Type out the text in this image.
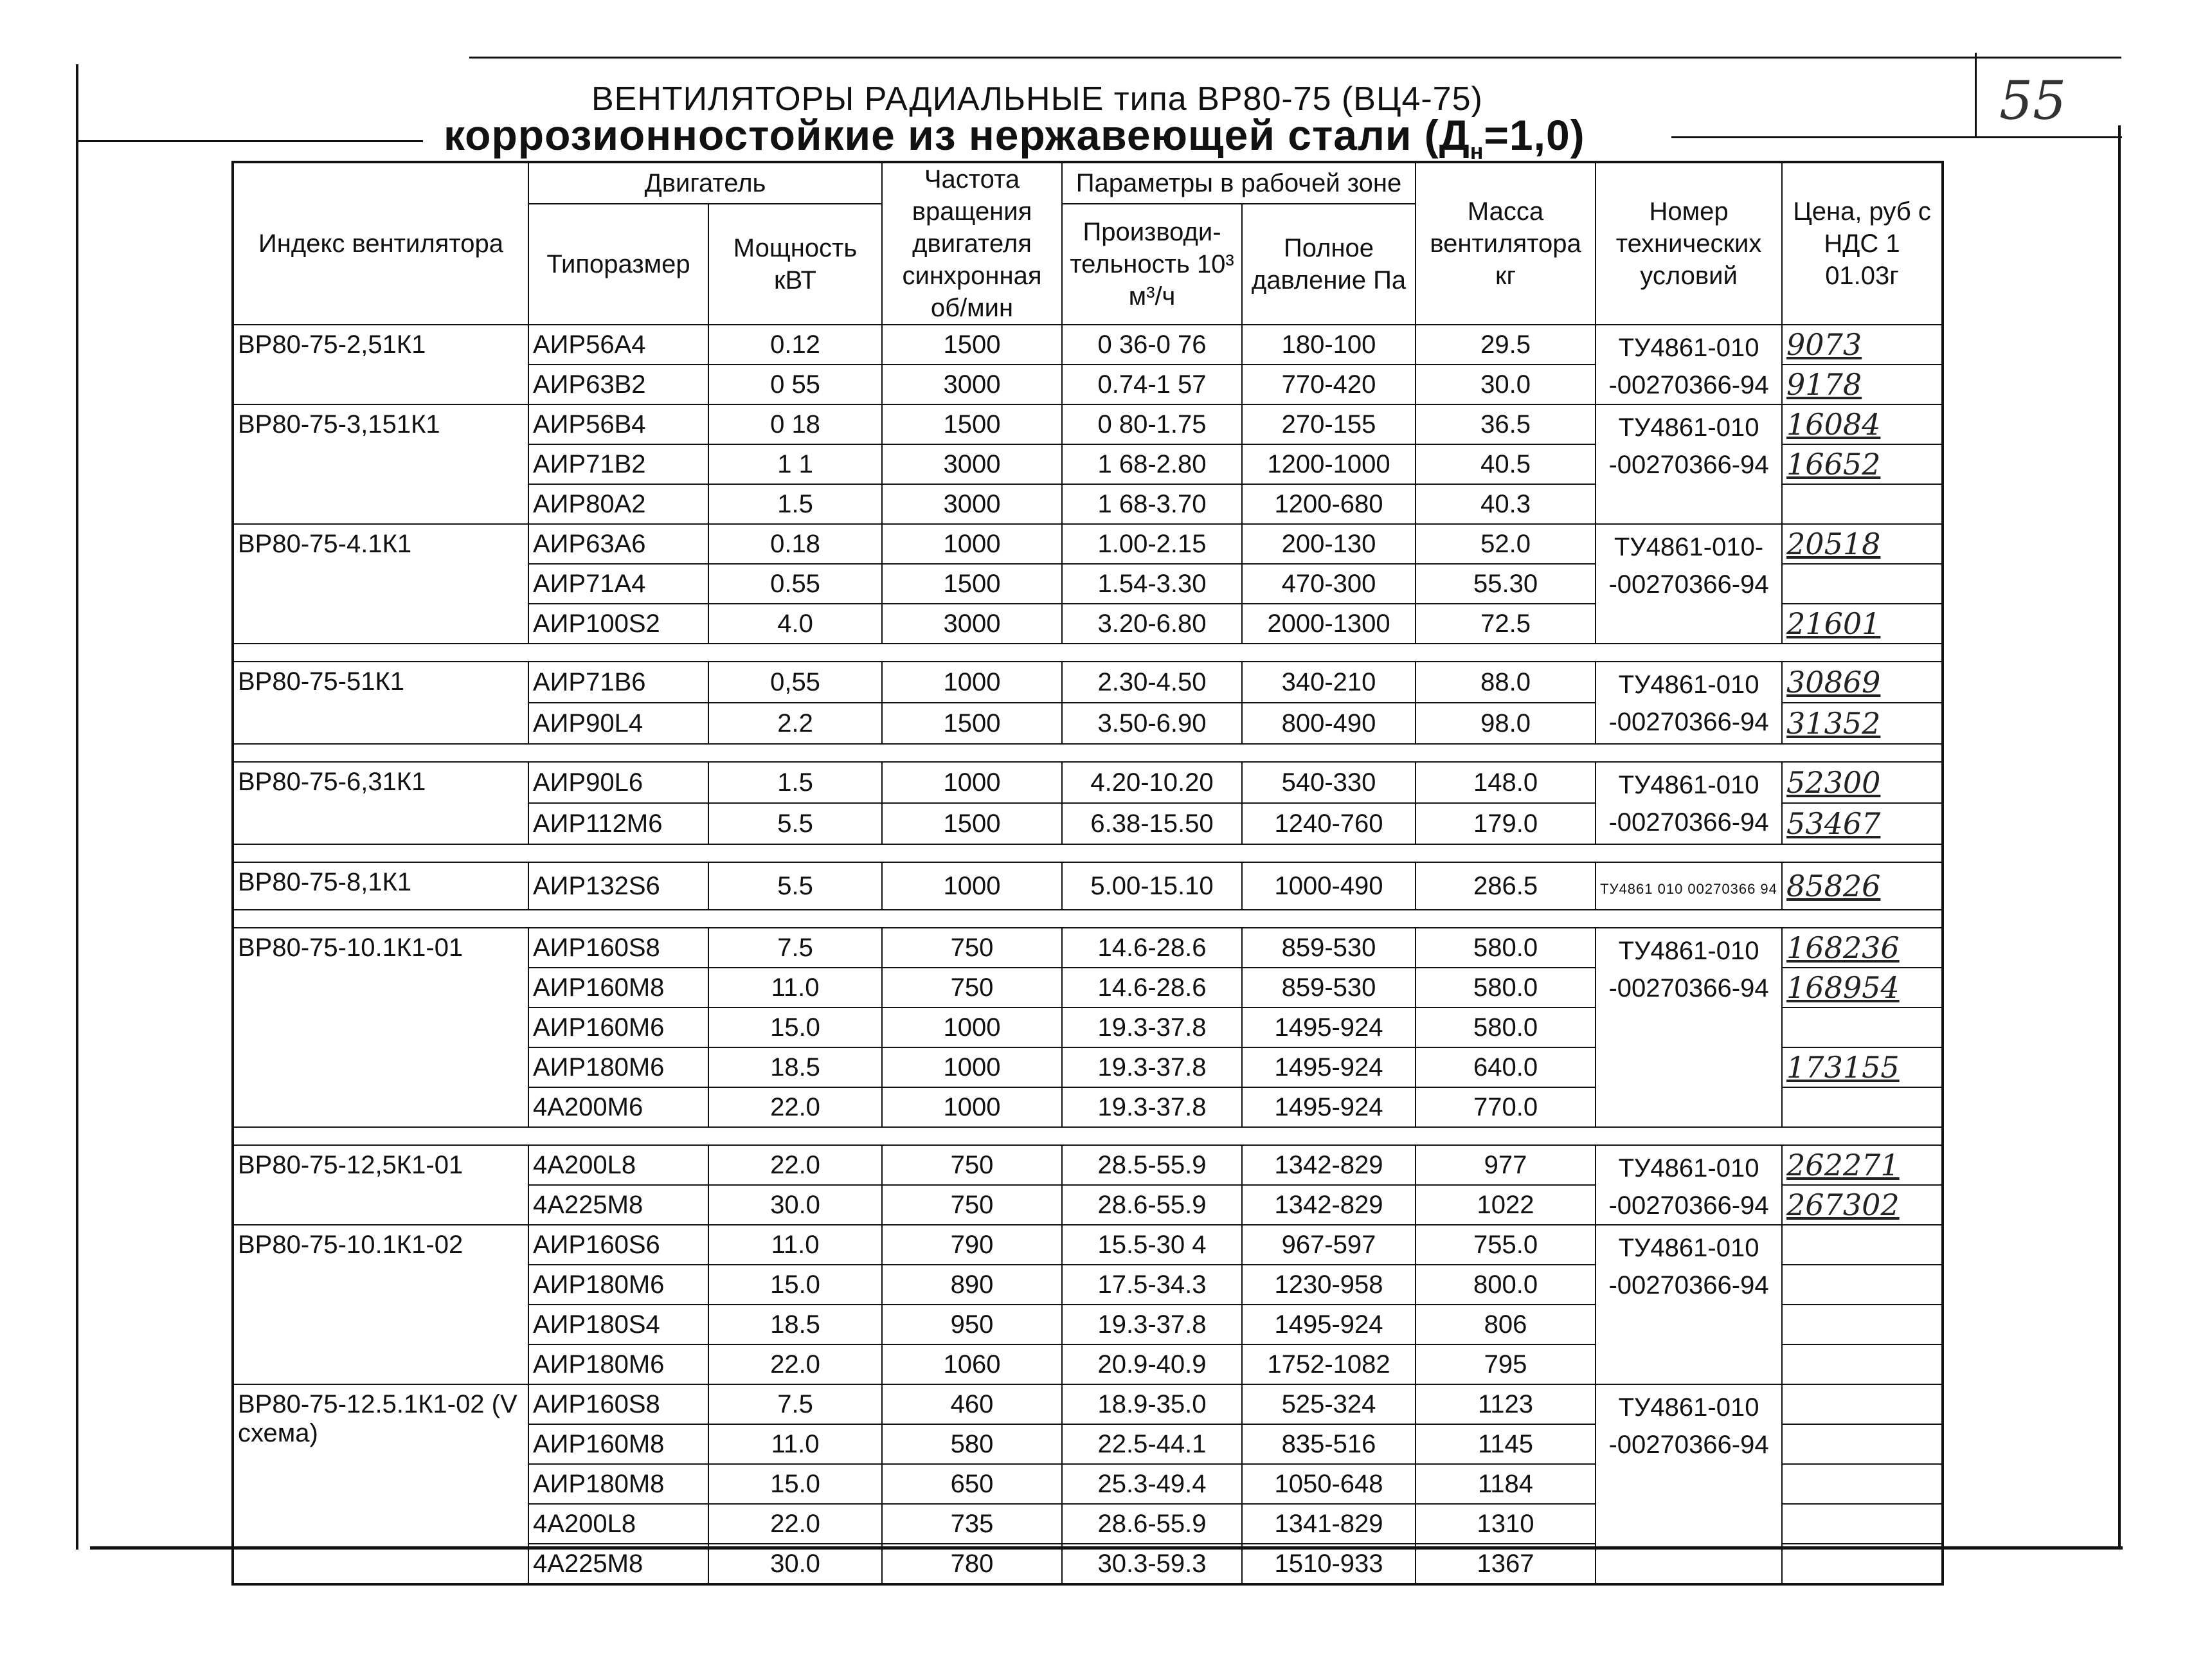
55
ВЕНТИЛЯТОРЫ РАДИАЛЬНЫЕ типа ВР80-75 (ВЦ4-75)
коррозионностойкие из нержавеющей стали $(Д_н=1,0)$
Индекс вентилятора	Двигатель		Частота вращения двигателя синхронная об/мин	Параметры в рабочей зоне		Масса вентилятора кг	Номер технических условий	Цена, руб с НДС 1 01.03г
	Типоразмер	Мощность кВТ		Производи- тельность 10³ м³/ч	Полное давление Па			
ВР80-75-2,51К1	АИР56А4	0.12	1500	0 36-0 76	180-100	29.5	ТУ4861-010 -00270366-94	9073
	АИР63В2	0 55	3000	0.74-1 57	770-420	30.0		9178
ВР80-75-3,151К1	АИР56В4	0 18	1500	0 80-1.75	270-155	36.5	ТУ4861-010 -00270366-94	16084
	АИР71В2	1 1	3000	1 68-2.80	1200-1000	40.5		16652
	АИР80А2	1.5	3000	1 68-3.70	1200-680	40.3		
ВР80-75-4.1К1	АИР63А6	0.18	1000	1.00-2.15	200-130	52.0	ТУ4861-010- -00270366-94	20518
	АИР71А4	0.55	1500	1.54-3.30	470-300	55.30		
	АИР100S2	4.0	3000	3.20-6.80	2000-1300	72.5		21601

ВР80-75-51К1	АИР71В6	0,55	1000	2.30-4.50	340-210	88.0	ТУ4861-010 -00270366-94	30869
	АИР90L4	2.2	1500	3.50-6.90	800-490	98.0		31352

ВР80-75-6,31К1	АИР90L6	1.5	1000	4.20-10.20	540-330	148.0	ТУ4861-010 -00270366-94	52300
	АИР112М6	5.5	1500	6.38-15.50	1240-760	179.0		53467

ВР80-75-8,1К1	АИР132S6	5.5	1000	5.00-15.10	1000-490	286.5	ТУ4861 010 00270366 94	85826

ВР80-75-10.1К1-01	АИР160S8	7.5	750	14.6-28.6	859-530	580.0	ТУ4861-010 -00270366-94	168236
	АИР160М8	11.0	750	14.6-28.6	859-530	580.0		168954
	АИР160М6	15.0	1000	19.3-37.8	1495-924	580.0		
	АИР180М6	18.5	1000	19.3-37.8	1495-924	640.0		173155
	4А200М6	22.0	1000	19.3-37.8	1495-924	770.0		

ВР80-75-12,5К1-01	4А200L8	22.0	750	28.5-55.9	1342-829	977	ТУ4861-010 -00270366-94	262271
	4А225М8	30.0	750	28.6-55.9	1342-829	1022		267302
ВР80-75-10.1К1-02	АИР160S6	11.0	790	15.5-30 4	967-597	755.0	ТУ4861-010 -00270366-94	
	АИР180М6	15.0	890	17.5-34.3	1230-958	800.0		
	АИР180S4	18.5	950	19.3-37.8	1495-924	806		
	АИР180М6	22.0	1060	20.9-40.9	1752-1082	795		
ВР80-75-12.5.1К1-02 (V схема)	АИР160S8	7.5	460	18.9-35.0	525-324	1123	ТУ4861-010 -00270366-94	
	АИР160М8	11.0	580	22.5-44.1	835-516	1145		
	АИР180М8	15.0	650	25.3-49.4	1050-648	1184		
	4А200L8	22.0	735	28.6-55.9	1341-829	1310		
	4А225М8	30.0	780	30.3-59.3	1510-933	1367		
